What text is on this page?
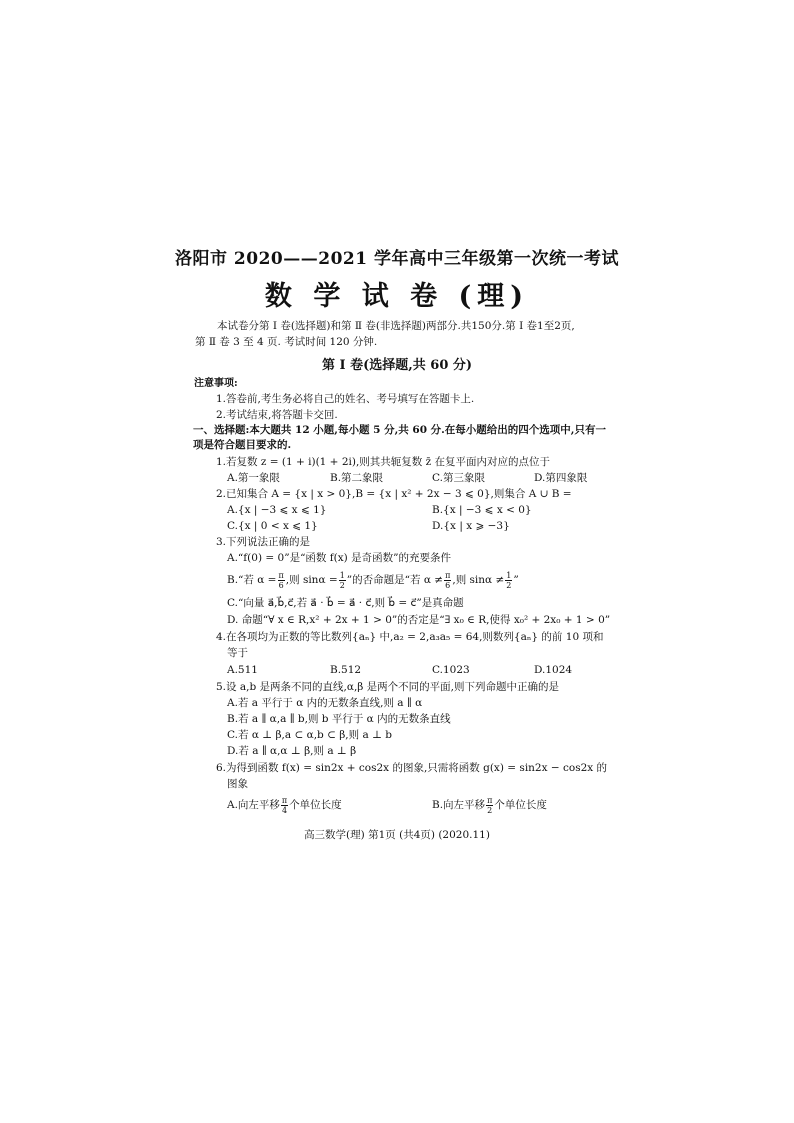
洛阳市 2020——2021 学年高中三年级第一次统一考试
数 学 试 卷 (理)
本试卷分第 Ⅰ 卷(选择题)和第 Ⅱ 卷(非选择题)两部分.共150分.第 Ⅰ 卷1至2页,
第 Ⅱ 卷 3 至 4 页. 考试时间 120 分钟.
第 Ⅰ 卷(选择题,共 60 分)
注意事项:
1.答卷前,考生务必将自己的姓名、考号填写在答题卡上.
2.考试结束,将答题卡交回.
一、选择题:本大题共 12 小题,每小题 5 分,共 60 分.在每小题给出的四个选项中,只有一
项是符合题目要求的.
1.若复数 z = (1 + i)(1 + 2i),则其共轭复数 z̄ 在复平面内对应的点位于
A.第一象限	B.第二象限	C.第三象限	D.第四象限
2.已知集合 A = {x | x > 0},B = {x | x² + 2x − 3 ⩽ 0},则集合 A ∪ B =
A.{x | −3 ⩽ x ⩽ 1}	B.{x | −3 ⩽ x < 0}
C.{x | 0 < x ⩽ 1}	D.{x | x ⩾ −3}
3.下列说法正确的是
A.“f(0) = 0”是“函数 f(x) 是奇函数”的充要条件
B.“若 $\alpha = \frac{\pi}{6}$ ,则 $\sin\alpha = \frac{1}{2}$ ”的否命题是“若 $\alpha \ne \frac{\pi}{6}$ ,则 $\sin\alpha \ne \frac{1}{2}$ ”
C.“向量 a⃗,b⃗,c⃗,若 a⃗ · b⃗ = a⃗ · c⃗,则 b⃗ = c⃗”是真命题
D. 命题“∀ x ∈ R,x² + 2x + 1 > 0”的否定是“∃ x₀ ∈ R,使得 x₀² + 2x₀ + 1 > 0”
4.在各项均为正数的等比数列{aₙ} 中,a₂ = 2,a₃a₅ = 64,则数列{aₙ} 的前 10 项和
等于
A.511	B.512	C.1023	D.1024
5.设 a,b 是两条不同的直线,α,β 是两个不同的平面,则下列命题中正确的是
A.若 a 平行于 α 内的无数条直线,则 a ∥ α
B.若 a ∥ α,a ∥ b,则 b 平行于 α 内的无数条直线
C.若 α ⊥ β,a ⊂ α,b ⊂ β,则 a ⊥ b
D.若 a ∥ α,α ⊥ β,则 a ⊥ β
6.为得到函数 f(x) = sin2x + cos2x 的图象,只需将函数 g(x) = sin2x − cos2x 的
图象
A.向左平移 $\frac{\pi}{4}$ 个单位长度	B.向左平移 $\frac{\pi}{2}$ 个单位长度
高三数学(理) 第1页 (共4页) (2020.11)
